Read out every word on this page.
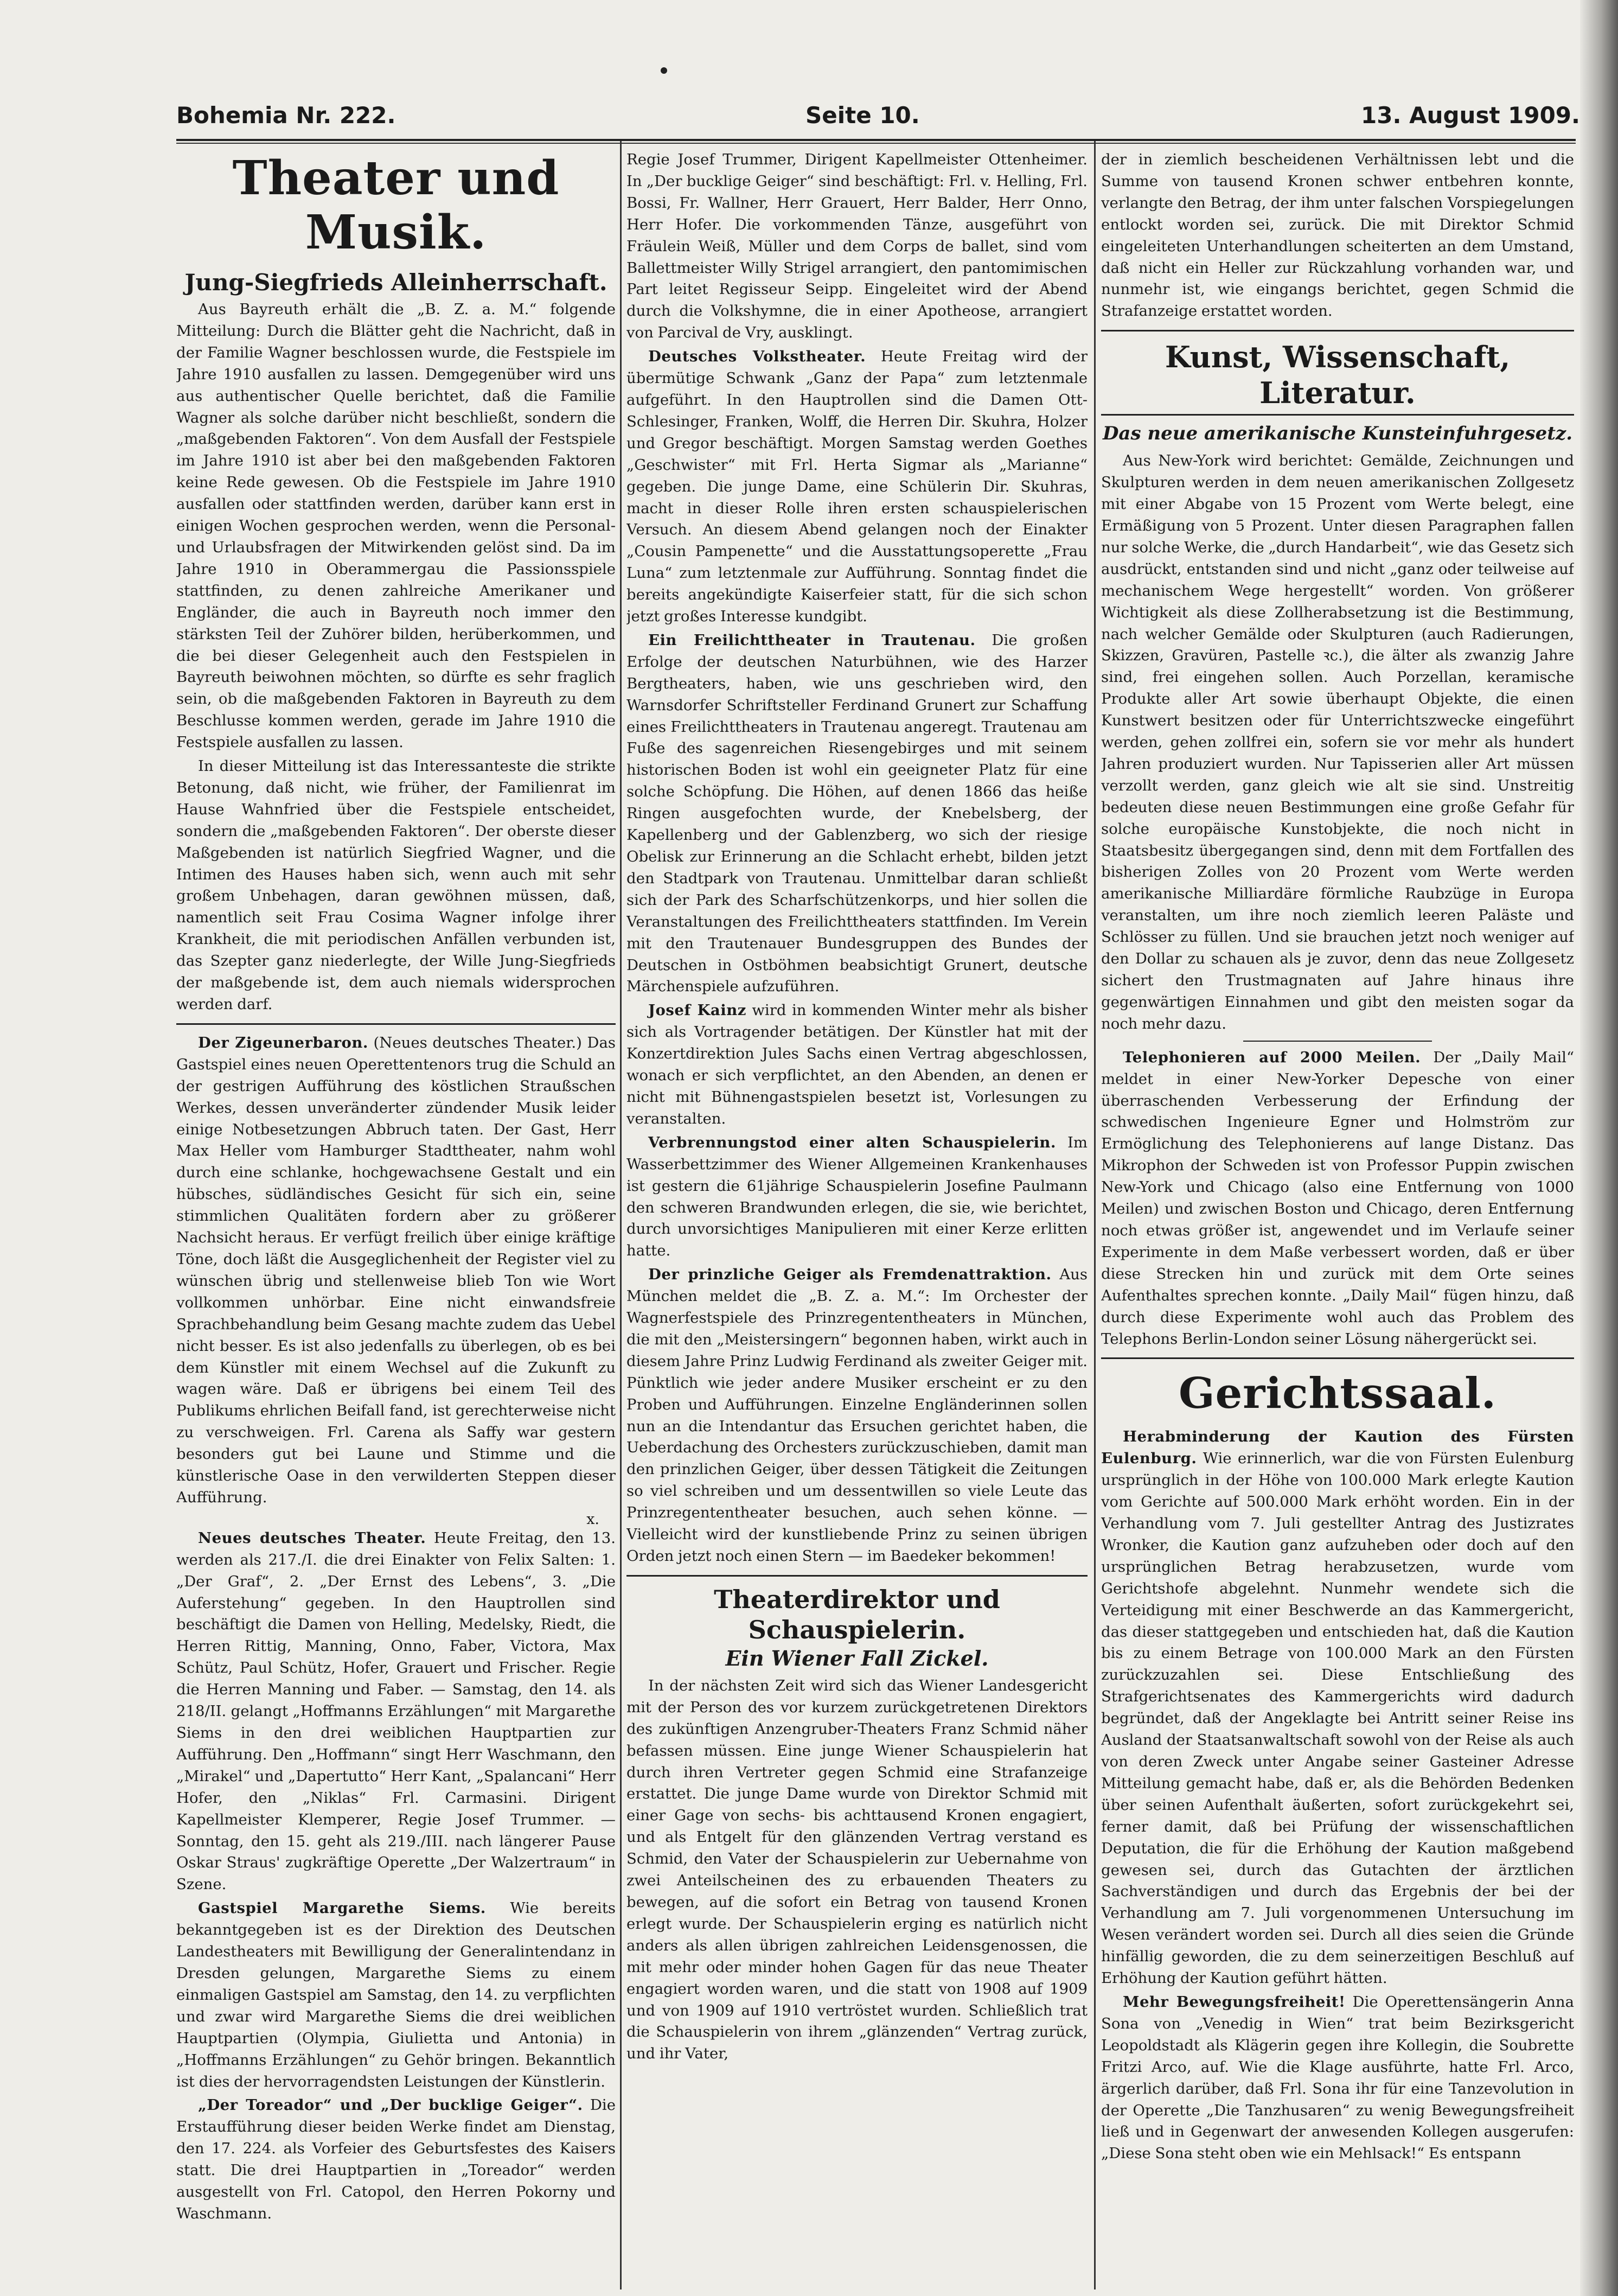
Bohemia Nr. 222.	Seite 10.	13. August 1909.
Theater und Musik.
Jung-Siegfrieds Alleinherrschaft.

Aus Bayreuth erhält die „B. Z. a. M.“ folgende Mitteilung: Durch die Blätter geht die Nachricht, daß in der Familie Wagner beschlossen wurde, die Festspiele im Jahre 1910 ausfallen zu lassen. Demgegenüber wird uns aus authentischer Quelle berichtet, daß die Familie Wagner als solche darüber nicht beschließt, sondern die „maßgebenden Faktoren“. Von dem Ausfall der Festspiele im Jahre 1910 ist aber bei den maßgebenden Faktoren keine Rede gewesen. Ob die Festspiele im Jahre 1910 ausfallen oder stattfinden werden, darüber kann erst in einigen Wochen gesprochen werden, wenn die Personal- und Urlaubsfragen der Mitwirkenden gelöst sind. Da im Jahre 1910 in Oberammergau die Passionsspiele stattfinden, zu denen zahlreiche Amerikaner und Engländer, die auch in Bayreuth noch immer den stärksten Teil der Zuhörer bilden, herüberkommen, und die bei dieser Gelegenheit auch den Festspielen in Bayreuth beiwohnen möchten, so dürfte es sehr fraglich sein, ob die maßgebenden Faktoren in Bayreuth zu dem Beschlusse kommen werden, gerade im Jahre 1910 die Festspiele ausfallen zu lassen.

In dieser Mitteilung ist das Interessanteste die strikte Betonung, daß nicht, wie früher, der Familienrat im Hause Wahnfried über die Festspiele entscheidet, sondern die „maßgebenden Faktoren“. Der oberste dieser Maßgebenden ist natürlich Siegfried Wagner, und die Intimen des Hauses haben sich, wenn auch mit sehr großem Unbehagen, daran gewöhnen müssen, daß, namentlich seit Frau Cosima Wagner infolge ihrer Krankheit, die mit periodischen Anfällen verbunden ist, das Szepter ganz niederlegte, der Wille Jung-Siegfrieds der maßgebende ist, dem auch niemals widersprochen werden darf.

Der Zigeunerbaron. (Neues deutsches Theater.) Das Gastspiel eines neuen Operettentenors trug die Schuld an der gestrigen Aufführung des köstlichen Straußschen Werkes, dessen unveränderter zündender Musik leider einige Notbesetzungen Abbruch taten. Der Gast, Herr Max Heller vom Hamburger Stadttheater, nahm wohl durch eine schlanke, hochgewachsene Gestalt und ein hübsches, südländisches Gesicht für sich ein, seine stimmlichen Qualitäten fordern aber zu größerer Nachsicht heraus. Er verfügt freilich über einige kräftige Töne, doch läßt die Ausgeglichenheit der Register viel zu wünschen übrig und stellenweise blieb Ton wie Wort vollkommen unhörbar. Eine nicht einwandsfreie Sprachbehandlung beim Gesang machte zudem das Uebel nicht besser. Es ist also jedenfalls zu überlegen, ob es bei dem Künstler mit einem Wechsel auf die Zukunft zu wagen wäre. Daß er übrigens bei einem Teil des Publikums ehrlichen Beifall fand, ist gerechterweise nicht zu verschweigen. Frl. Carena als Saffy war gestern besonders gut bei Laune und Stimme und die künstlerische Oase in den verwilderten Steppen dieser Aufführung.

x.

Neues deutsches Theater. Heute Freitag, den 13. werden als 217./I. die drei Einakter von Felix Salten: 1. „Der Graf“, 2. „Der Ernst des Lebens“, 3. „Die Auferstehung“ gegeben. In den Hauptrollen sind beschäftigt die Damen von Helling, Medelsky, Riedt, die Herren Rittig, Manning, Onno, Faber, Victora, Max Schütz, Paul Schütz, Hofer, Grauert und Frischer. Regie die Herren Manning und Faber. — Samstag, den 14. als 218/II. gelangt „Hoffmanns Erzählungen“ mit Margarethe Siems in den drei weiblichen Hauptpartien zur Aufführung. Den „Hoffmann“ singt Herr Waschmann, den „Mirakel“ und „Dapertutto“ Herr Kant, „Spalancani“ Herr Hofer, den „Niklas“ Frl. Carmasini. Dirigent Kapellmeister Klemperer, Regie Josef Trummer. — Sonntag, den 15. geht als 219./III. nach längerer Pause Oskar Straus' zugkräftige Operette „Der Walzertraum“ in Szene.

Gastspiel Margarethe Siems. Wie bereits bekanntgegeben ist es der Direktion des Deutschen Landestheaters mit Bewilligung der Generalintendanz in Dresden gelungen, Margarethe Siems zu einem einmaligen Gastspiel am Samstag, den 14. zu verpflichten und zwar wird Margarethe Siems die drei weiblichen Hauptpartien (Olympia, Giulietta und Antonia) in „Hoffmanns Erzählungen“ zu Gehör bringen. Bekanntlich ist dies der hervorragendsten Leistungen der Künstlerin.

„Der Toreador“ und „Der bucklige Geiger“. Die Erstaufführung dieser beiden Werke findet am Dienstag, den 17. 224. als Vorfeier des Geburtsfestes des Kaisers statt. Die drei Hauptpartien in „Toreador“ werden ausgestellt von Frl. Catopol, den Herren Pokorny und Waschmann.

Regie Josef Trummer, Dirigent Kapellmeister Ottenheimer. In „Der bucklige Geiger“ sind beschäftigt: Frl. v. Helling, Frl. Bossi, Fr. Wallner, Herr Grauert, Herr Balder, Herr Onno, Herr Hofer. Die vorkommenden Tänze, ausgeführt von Fräulein Weiß, Müller und dem Corps de ballet, sind vom Ballettmeister Willy Strigel arrangiert, den pantomimischen Part leitet Regisseur Seipp. Eingeleitet wird der Abend durch die Volkshymne, die in einer Apotheose, arrangiert von Parcival de Vry, ausklingt.

Deutsches Volkstheater. Heute Freitag wird der übermütige Schwank „Ganz der Papa“ zum letztenmale aufgeführt. In den Hauptrollen sind die Damen Ott-Schlesinger, Franken, Wolff, die Herren Dir. Skuhra, Holzer und Gregor beschäftigt. Morgen Samstag werden Goethes „Geschwister“ mit Frl. Herta Sigmar als „Marianne“ gegeben. Die junge Dame, eine Schülerin Dir. Skuhras, macht in dieser Rolle ihren ersten schauspielerischen Versuch. An diesem Abend gelangen noch der Einakter „Cousin Pampenette“ und die Ausstattungsoperette „Frau Luna“ zum letztenmale zur Aufführung. Sonntag findet die bereits angekündigte Kaiserfeier statt, für die sich schon jetzt großes Interesse kundgibt.

Ein Freilichttheater in Trautenau. Die großen Erfolge der deutschen Naturbühnen, wie des Harzer Bergtheaters, haben, wie uns geschrieben wird, den Warnsdorfer Schriftsteller Ferdinand Grunert zur Schaffung eines Freilichttheaters in Trautenau angeregt. Trautenau am Fuße des sagenreichen Riesengebirges und mit seinem historischen Boden ist wohl ein geeigneter Platz für eine solche Schöpfung. Die Höhen, auf denen 1866 das heiße Ringen ausgefochten wurde, der Knebelsberg, der Kapellenberg und der Gablenzberg, wo sich der riesige Obelisk zur Erinnerung an die Schlacht erhebt, bilden jetzt den Stadtpark von Trautenau. Unmittelbar daran schließt sich der Park des Scharfschützenkorps, und hier sollen die Veranstaltungen des Freilichttheaters stattfinden. Im Verein mit den Trautenauer Bundesgruppen des Bundes der Deutschen in Ostböhmen beabsichtigt Grunert, deutsche Märchenspiele aufzuführen.

Josef Kainz wird in kommenden Winter mehr als bisher sich als Vortragender betätigen. Der Künstler hat mit der Konzertdirektion Jules Sachs einen Vertrag abgeschlossen, wonach er sich verpflichtet, an den Abenden, an denen er nicht mit Bühnengastspielen besetzt ist, Vorlesungen zu veranstalten.

Verbrennungstod einer alten Schauspielerin. Im Wasserbettzimmer des Wiener Allgemeinen Krankenhauses ist gestern die 61jährige Schauspielerin Josefine Paulmann den schweren Brandwunden erlegen, die sie, wie berichtet, durch unvorsichtiges Manipulieren mit einer Kerze erlitten hatte.

Der prinzliche Geiger als Fremdenattraktion. Aus München meldet die „B. Z. a. M.“: Im Orchester der Wagnerfestspiele des Prinzregententheaters in München, die mit den „Meistersingern“ begonnen haben, wirkt auch in diesem Jahre Prinz Ludwig Ferdinand als zweiter Geiger mit. Pünktlich wie jeder andere Musiker erscheint er zu den Proben und Aufführungen. Einzelne Engländerinnen sollen nun an die Intendantur das Ersuchen gerichtet haben, die Ueberdachung des Orchesters zurückzuschieben, damit man den prinzlichen Geiger, über dessen Tätigkeit die Zeitungen so viel schreiben und um dessentwillen so viele Leute das Prinzregententheater besuchen, auch sehen könne. — Vielleicht wird der kunstliebende Prinz zu seinen übrigen Orden jetzt noch einen Stern — im Baedeker bekommen!

Theaterdirektor und Schauspielerin.
Ein Wiener Fall Zickel.

In der nächsten Zeit wird sich das Wiener Landesgericht mit der Person des vor kurzem zurückgetretenen Direktors des zukünftigen Anzengruber-Theaters Franz Schmid näher befassen müssen. Eine junge Wiener Schauspielerin hat durch ihren Vertreter gegen Schmid eine Strafanzeige erstattet. Die junge Dame wurde von Direktor Schmid mit einer Gage von sechs- bis achttausend Kronen engagiert, und als Entgelt für den glänzenden Vertrag verstand es Schmid, den Vater der Schauspielerin zur Uebernahme von zwei Anteilscheinen des zu erbauenden Theaters zu bewegen, auf die sofort ein Betrag von tausend Kronen erlegt wurde. Der Schauspielerin erging es natürlich nicht anders als allen übrigen zahlreichen Leidensgenossen, die mit mehr oder minder hohen Gagen für das neue Theater engagiert worden waren, und die statt von 1908 auf 1909 und von 1909 auf 1910 vertröstet wurden. Schließlich trat die Schauspielerin von ihrem „glänzenden“ Vertrag zurück, und ihr Vater,

der in ziemlich bescheidenen Verhältnissen lebt und die Summe von tausend Kronen schwer entbehren konnte, verlangte den Betrag, der ihm unter falschen Vorspiegelungen entlockt worden sei, zurück. Die mit Direktor Schmid eingeleiteten Unterhandlungen scheiterten an dem Umstand, daß nicht ein Heller zur Rückzahlung vorhanden war, und nunmehr ist, wie eingangs berichtet, gegen Schmid die Strafanzeige erstattet worden.

Kunst, Wissenschaft, Literatur.
Das neue amerikanische Kunsteinfuhrgesetz.

Aus New-York wird berichtet: Gemälde, Zeichnungen und Skulpturen werden in dem neuen amerikanischen Zollgesetz mit einer Abgabe von 15 Prozent vom Werte belegt, eine Ermäßigung von 5 Prozent. Unter diesen Paragraphen fallen nur solche Werke, die „durch Handarbeit“, wie das Gesetz sich ausdrückt, entstanden sind und nicht „ganz oder teilweise auf mechanischem Wege hergestellt“ worden. Von größerer Wichtigkeit als diese Zollherabsetzung ist die Bestimmung, nach welcher Gemälde oder Skulpturen (auch Radierungen, Skizzen, Gravüren, Pastelle ꝛc.), die älter als zwanzig Jahre sind, frei eingehen sollen. Auch Porzellan, keramische Produkte aller Art sowie überhaupt Objekte, die einen Kunstwert besitzen oder für Unterrichtszwecke eingeführt werden, gehen zollfrei ein, sofern sie vor mehr als hundert Jahren produziert wurden. Nur Tapisserien aller Art müssen verzollt werden, ganz gleich wie alt sie sind. Unstreitig bedeuten diese neuen Bestimmungen eine große Gefahr für solche europäische Kunstobjekte, die noch nicht in Staatsbesitz übergegangen sind, denn mit dem Fortfallen des bisherigen Zolles von 20 Prozent vom Werte werden amerikanische Milliardäre förmliche Raubzüge in Europa veranstalten, um ihre noch ziemlich leeren Paläste und Schlösser zu füllen. Und sie brauchen jetzt noch weniger auf den Dollar zu schauen als je zuvor, denn das neue Zollgesetz sichert den Trustmagnaten auf Jahre hinaus ihre gegenwärtigen Einnahmen und gibt den meisten sogar da noch mehr dazu.

Telephonieren auf 2000 Meilen. Der „Daily Mail“ meldet in einer New-Yorker Depesche von einer überraschenden Verbesserung der Erfindung der schwedischen Ingenieure Egner und Holmström zur Ermöglichung des Telephonierens auf lange Distanz. Das Mikrophon der Schweden ist von Professor Puppin zwischen New-York und Chicago (also eine Entfernung von 1000 Meilen) und zwischen Boston und Chicago, deren Entfernung noch etwas größer ist, angewendet und im Verlaufe seiner Experimente in dem Maße verbessert worden, daß er über diese Strecken hin und zurück mit dem Orte seines Aufenthaltes sprechen konnte. „Daily Mail“ fügen hinzu, daß durch diese Experimente wohl auch das Problem des Telephons Berlin-London seiner Lösung nähergerückt sei.

Gerichtssaal.

Herabminderung der Kaution des Fürsten Eulenburg. Wie erinnerlich, war die von Fürsten Eulenburg ursprünglich in der Höhe von 100.000 Mark erlegte Kaution vom Gerichte auf 500.000 Mark erhöht worden. Ein in der Verhandlung vom 7. Juli gestellter Antrag des Justizrates Wronker, die Kaution ganz aufzuheben oder doch auf den ursprünglichen Betrag herabzusetzen, wurde vom Gerichtshofe abgelehnt. Nunmehr wendete sich die Verteidigung mit einer Beschwerde an das Kammergericht, das dieser stattgegeben und entschieden hat, daß die Kaution bis zu einem Betrage von 100.000 Mark an den Fürsten zurückzuzahlen sei. Diese Entschließung des Strafgerichtsenates des Kammergerichts wird dadurch begründet, daß der Angeklagte bei Antritt seiner Reise ins Ausland der Staatsanwaltschaft sowohl von der Reise als auch von deren Zweck unter Angabe seiner Gasteiner Adresse Mitteilung gemacht habe, daß er, als die Behörden Bedenken über seinen Aufenthalt äußerten, sofort zurückgekehrt sei, ferner damit, daß bei Prüfung der wissenschaftlichen Deputation, die für die Erhöhung der Kaution maßgebend gewesen sei, durch das Gutachten der ärztlichen Sachverständigen und durch das Ergebnis der bei der Verhandlung am 7. Juli vorgenommenen Untersuchung im Wesen verändert worden sei. Durch all dies seien die Gründe hinfällig geworden, die zu dem seinerzeitigen Beschluß auf Erhöhung der Kaution geführt hätten.

Mehr Bewegungsfreiheit! Die Operettensängerin Anna Sona von „Venedig in Wien“ trat beim Bezirksgericht Leopoldstadt als Klägerin gegen ihre Kollegin, die Soubrette Fritzi Arco, auf. Wie die Klage ausführte, hatte Frl. Arco, ärgerlich darüber, daß Frl. Sona ihr für eine Tanzevolution in der Operette „Die Tanzhusaren“ zu wenig Bewegungsfreiheit ließ und in Gegenwart der anwesenden Kollegen ausgerufen: „Diese Sona steht oben wie ein Mehlsack!“ Es entspann
